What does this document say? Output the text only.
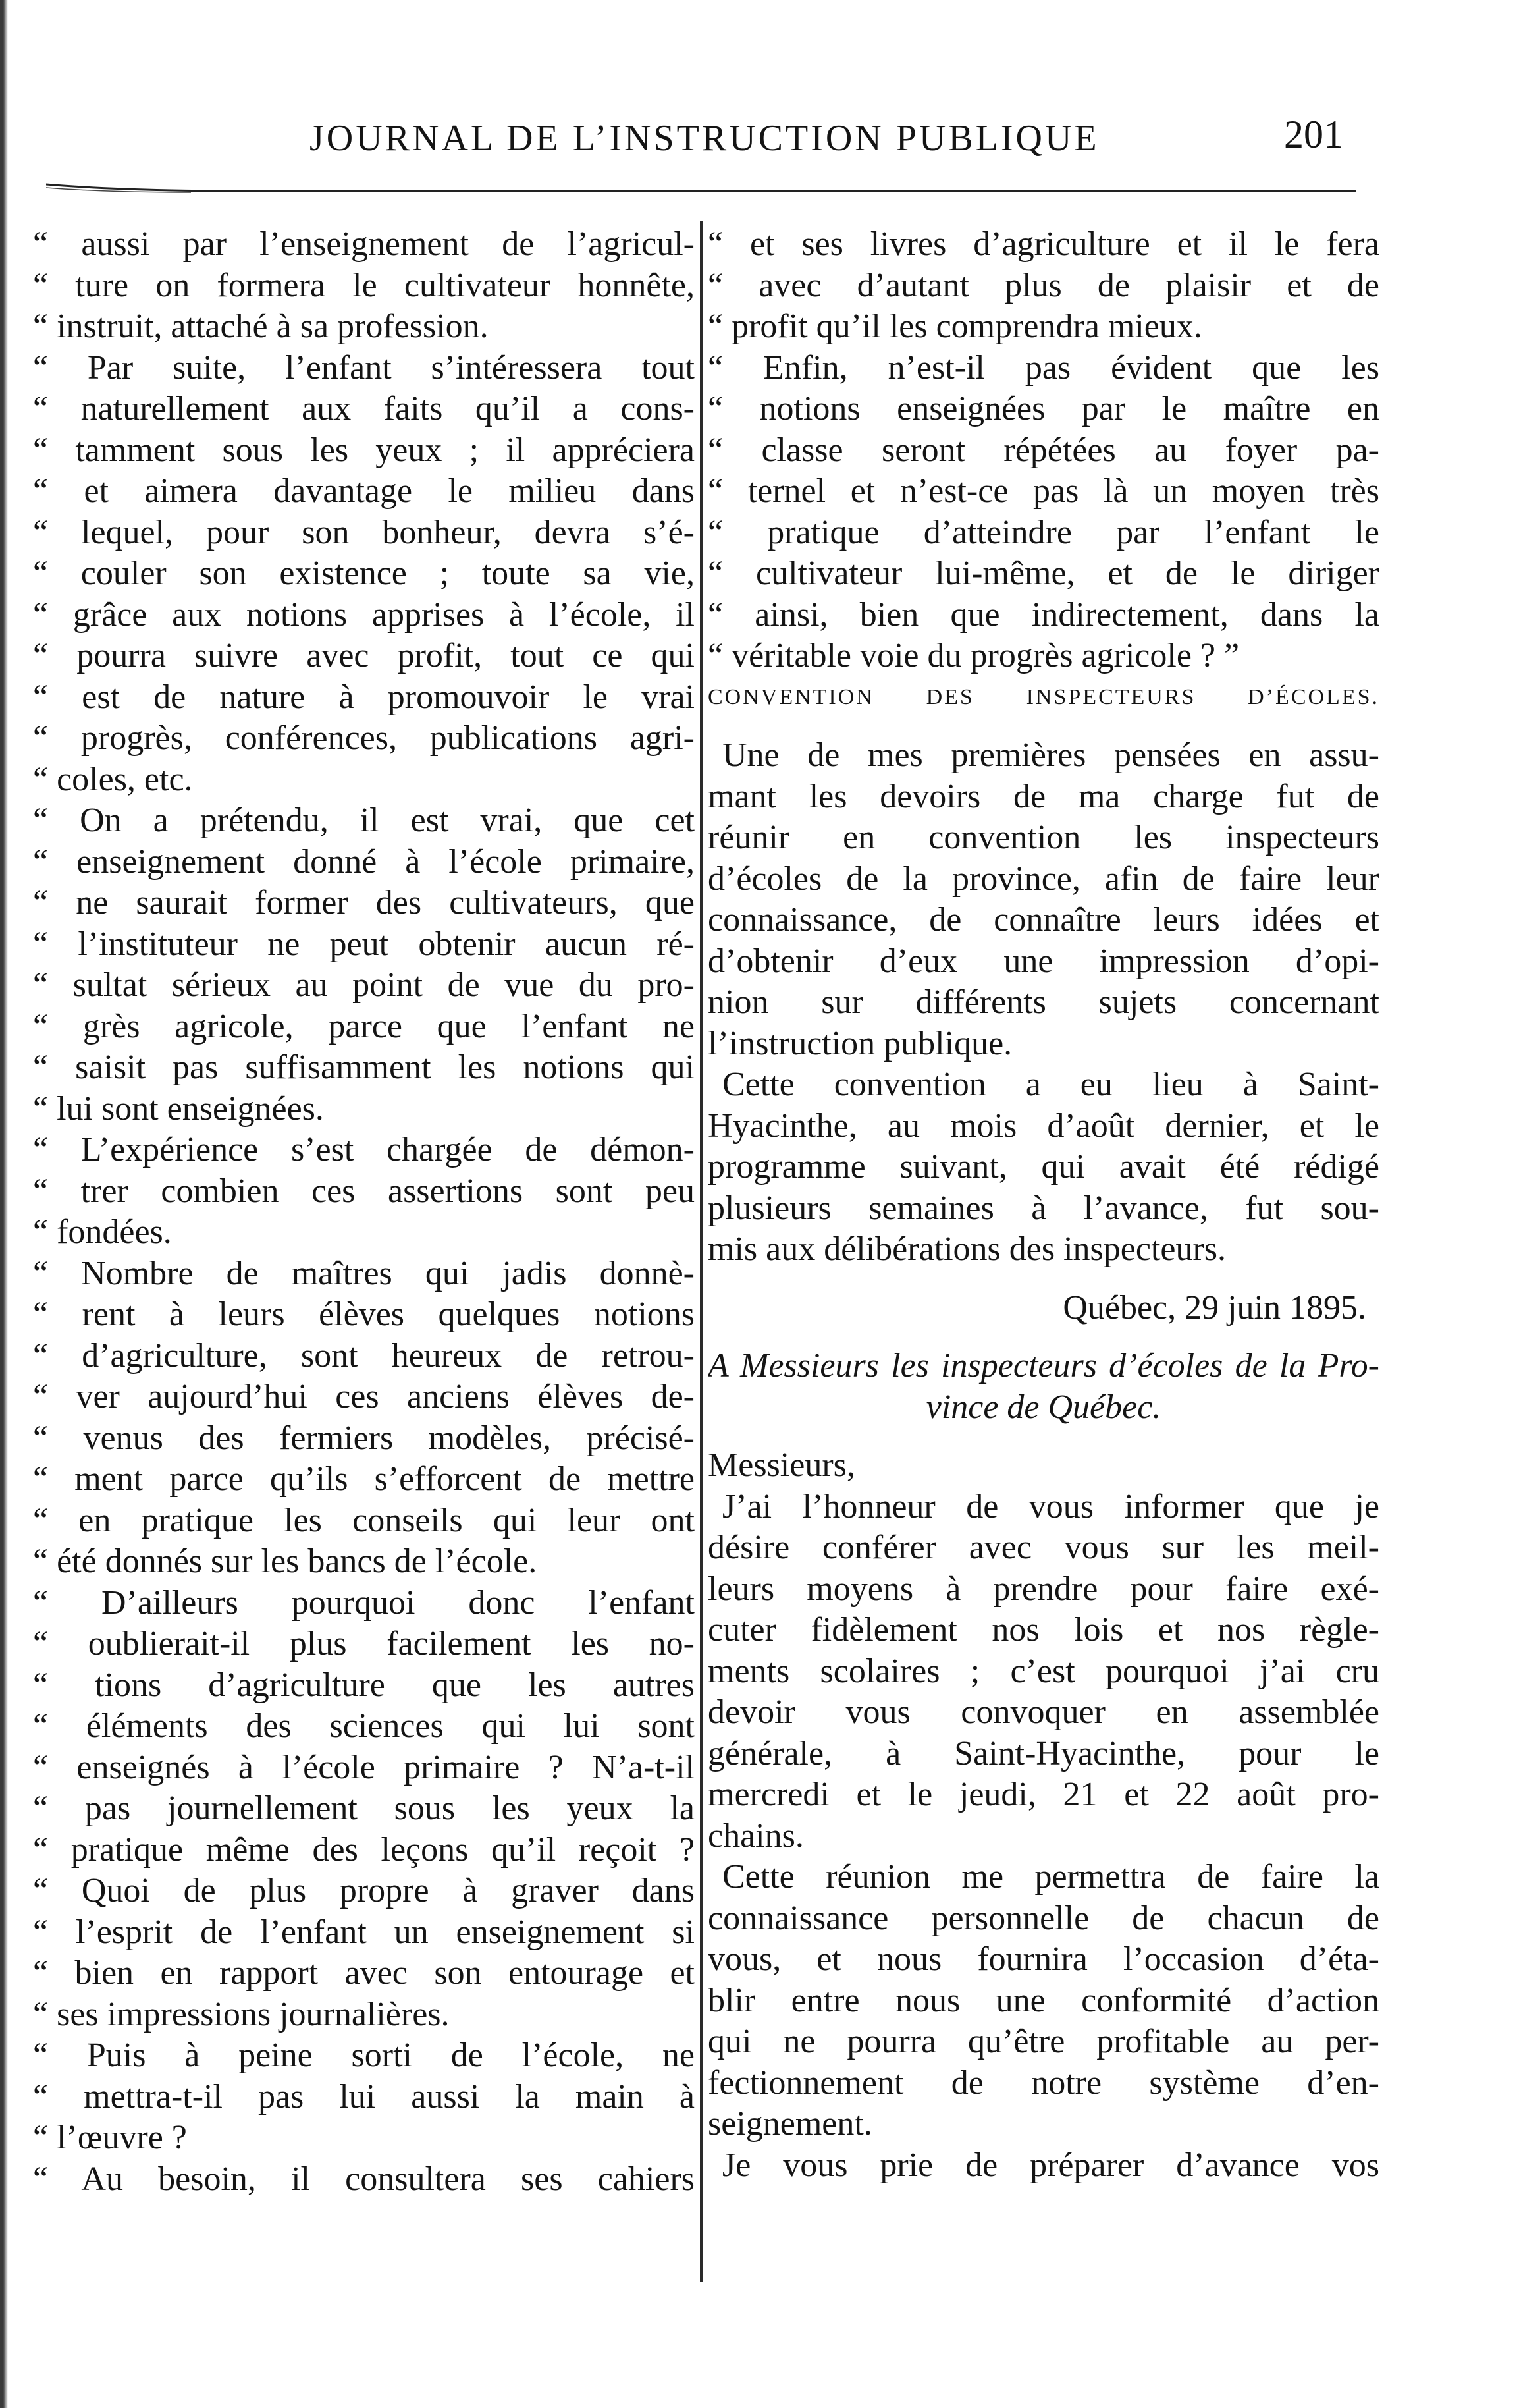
JOURNAL DE L’INSTRUCTION PUBLIQUE	201
“ aussi par l’enseignement de l’agricul-
“ ture on formera le cultivateur honnête,
“ instruit, attaché à sa profession.
“ Par suite, l’enfant s’intéressera tout
“ naturellement aux faits qu’il a cons-
“ tamment sous les yeux ; il appréciera
“ et aimera davantage le milieu dans
“ lequel, pour son bonheur, devra s’é-
“ couler son existence ; toute sa vie,
“ grâce aux notions apprises à l’école, il
“ pourra suivre avec profit, tout ce qui
“ est de nature à promouvoir le vrai
“ progrès, conférences, publications agri-
“ coles, etc.
“ On a prétendu, il est vrai, que cet
“ enseignement donné à l’école primaire,
“ ne saurait former des cultivateurs, que
“ l’instituteur ne peut obtenir aucun ré-
“ sultat sérieux au point de vue du pro-
“ grès agricole, parce que l’enfant ne
“ saisit pas suffisamment les notions qui
“ lui sont enseignées.
“ L’expérience s’est chargée de démon-
“ trer combien ces assertions sont peu
“ fondées.
“ Nombre de maîtres qui jadis donnè-
“ rent à leurs élèves quelques notions
“ d’agriculture, sont heureux de retrou-
“ ver aujourd’hui ces anciens élèves de-
“ venus des fermiers modèles, précisé-
“ ment parce qu’ils s’efforcent de mettre
“ en pratique les conseils qui leur ont
“ été donnés sur les bancs de l’école.
“ D’ailleurs pourquoi donc l’enfant
“ oublierait-il plus facilement les no-
“ tions d’agriculture que les autres
“ éléments des sciences qui lui sont
“ enseignés à l’école primaire ? N’a-t-il
“ pas journellement sous les yeux la
“ pratique même des leçons qu’il reçoit ?
“ Quoi de plus propre à graver dans
“ l’esprit de l’enfant un enseignement si
“ bien en rapport avec son entourage et
“ ses impressions journalières.
“ Puis à peine sorti de l’école, ne
“ mettra-t-il pas lui aussi la main à
“ l’œuvre ?
“ Au besoin, il consultera ses cahiers
“ et ses livres d’agriculture et il le fera
“ avec d’autant plus de plaisir et de
“ profit qu’il les comprendra mieux.
“ Enfin, n’est-il pas évident que les
“ notions enseignées par le maître en
“ classe seront répétées au foyer pa-
“ ternel et n’est-ce pas là un moyen très
“ pratique d’atteindre par l’enfant le
“ cultivateur lui-même, et de le diriger
“ ainsi, bien que indirectement, dans la
“ véritable voie du progrès agricole ? ”
CONVENTION DES INSPECTEURS D’ÉCOLES.
Une de mes premières pensées en assu-
mant les devoirs de ma charge fut de
réunir en convention les inspecteurs
d’écoles de la province, afin de faire leur
connaissance, de connaître leurs idées et
d’obtenir d’eux une impression d’opi-
nion sur différents sujets concernant
l’instruction publique.
Cette convention a eu lieu à Saint-
Hyacinthe, au mois d’août dernier, et le
programme suivant, qui avait été rédigé
plusieurs semaines à l’avance, fut sou-
mis aux délibérations des inspecteurs.
Québec, 29 juin 1895.
A Messieurs les inspecteurs d’écoles de la Pro-
vince de Québec.
Messieurs,
J’ai l’honneur de vous informer que je
désire conférer avec vous sur les meil-
leurs moyens à prendre pour faire exé-
cuter fidèlement nos lois et nos règle-
ments scolaires ; c’est pourquoi j’ai cru
devoir vous convoquer en assemblée
générale, à Saint-Hyacinthe, pour le
mercredi et le jeudi, 21 et 22 août pro-
chains.
Cette réunion me permettra de faire la
connaissance personnelle de chacun de
vous, et nous fournira l’occasion d’éta-
blir entre nous une conformité d’action
qui ne pourra qu’être profitable au per-
fectionnement de notre système d’en-
seignement.
Je vous prie de préparer d’avance vos
